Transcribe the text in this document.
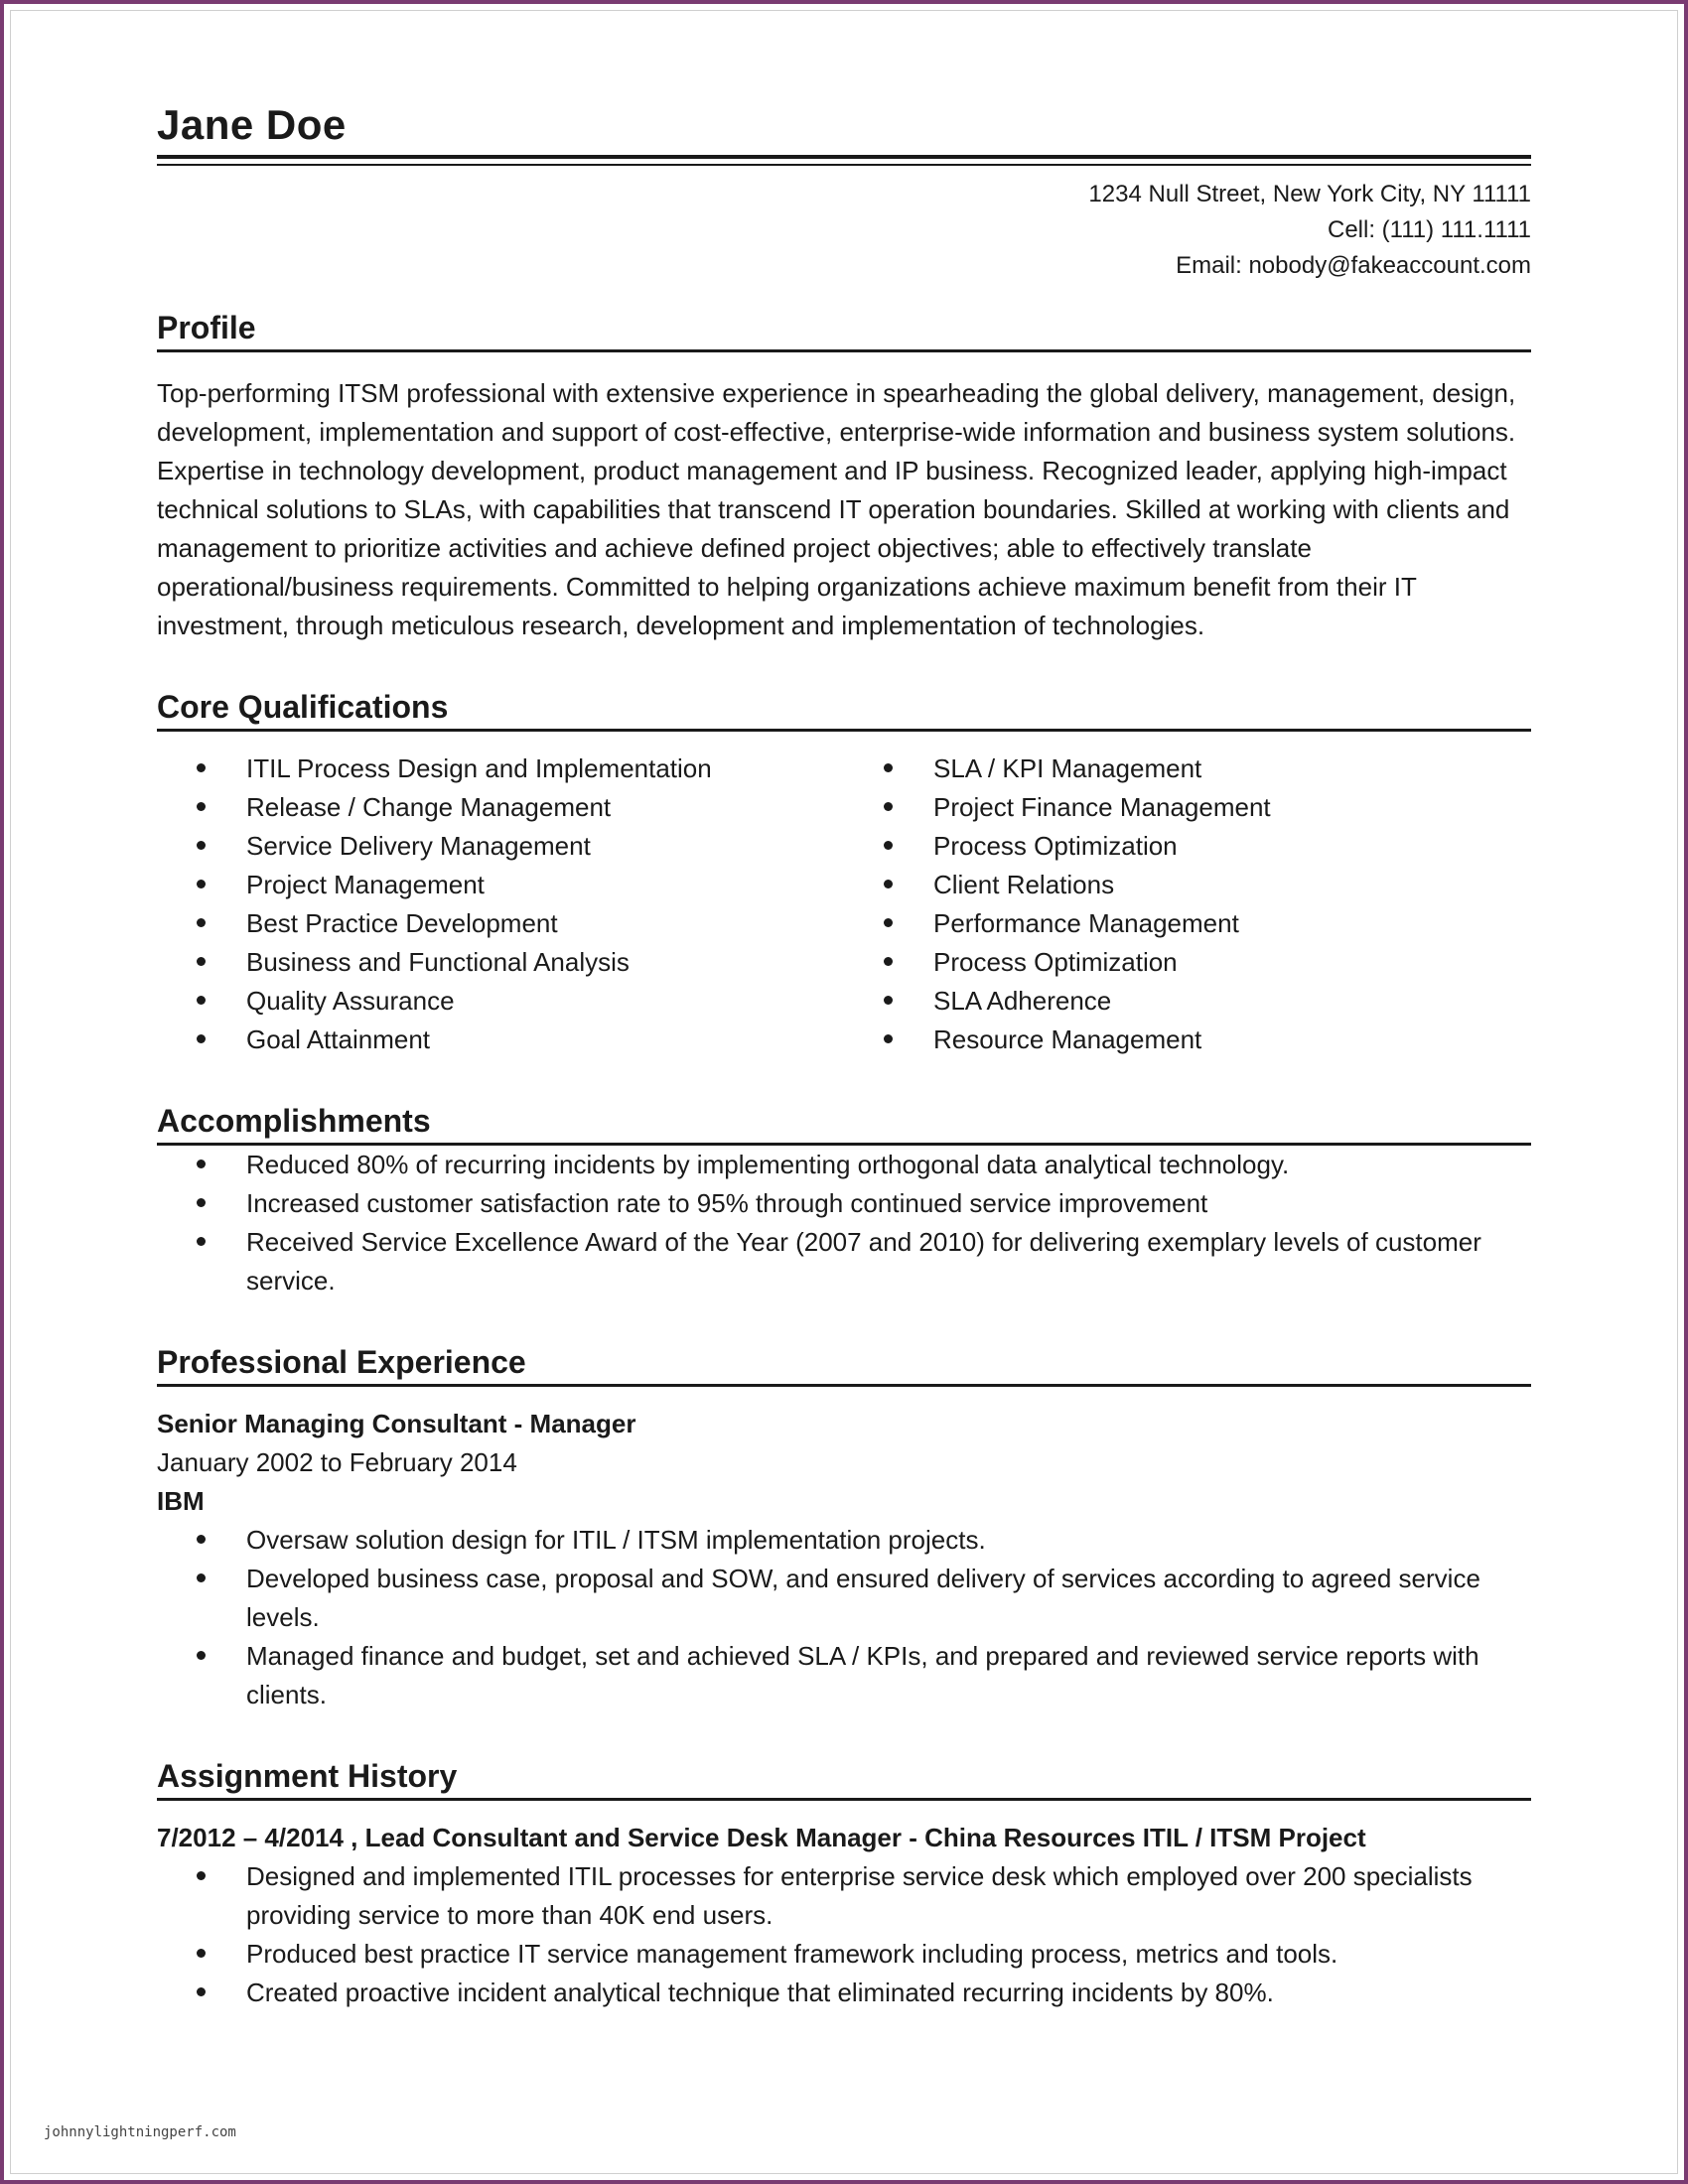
Jane Doe
1234 Null Street, New York City, NY 11111
Cell: (111) 111.1111
Email: nobody@fakeaccount.com
Profile

Top-performing ITSM professional with extensive experience in spearheading the global delivery, management, design, development, implementation and support of cost-effective, enterprise-wide information and business system solutions. Expertise in technology development, product management and IP business. Recognized leader, applying high-impact technical solutions to SLAs, with capabilities that transcend IT operation boundaries. Skilled at working with clients and management to prioritize activities and achieve defined project objectives; able to effectively translate operational/business requirements. Committed to helping organizations achieve maximum benefit from their IT investment, through meticulous research, development and implementation of technologies.

Core Qualifications
ITIL Process Design and Implementation
Release / Change Management
Service Delivery Management
Project Management
Best Practice Development
Business and Functional Analysis
Quality Assurance
Goal Attainment
SLA / KPI Management
Project Finance Management
Process Optimization
Client Relations
Performance Management
Process Optimization
SLA Adherence
Resource Management
Accomplishments
Reduced 80% of recurring incidents by implementing orthogonal data analytical technology.
Increased customer satisfaction rate to 95% through continued service improvement
Received Service Excellence Award of the Year (2007 and 2010) for delivering exemplary levels of customer service.
Professional Experience
Senior Managing Consultant - Manager
January 2002 to February 2014
IBM
Oversaw solution design for ITIL / ITSM implementation projects.
Developed business case, proposal and SOW, and ensured delivery of services according to agreed service levels.
Managed finance and budget, set and achieved SLA / KPIs, and prepared and reviewed service reports with clients.
Assignment History
7/2012 – 4/2014 , Lead Consultant and Service Desk Manager - China Resources ITIL / ITSM Project
Designed and implemented ITIL processes for enterprise service desk which employed over 200 specialists providing service to more than 40K end users.
Produced best practice IT service management framework including process, metrics and tools.
Created proactive incident analytical technique that eliminated recurring incidents by 80%.
johnnylightningperf.com
